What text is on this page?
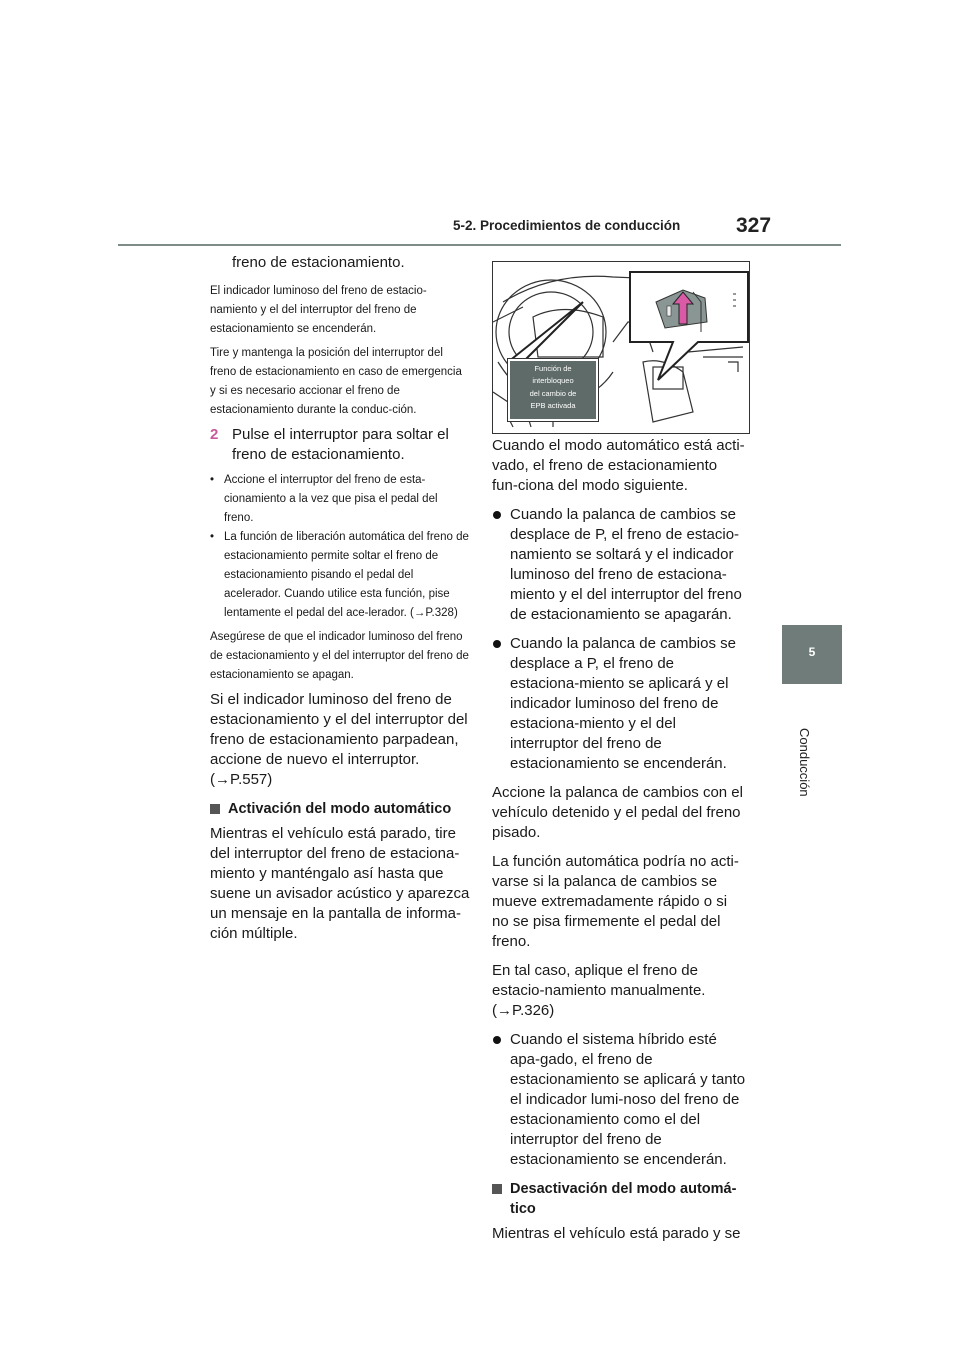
5-2. Procedimientos de conducción	327
5
Conducción

freno de estacionamiento.

El indicador luminoso del freno de estacio-namiento y el del interruptor del freno de estacionamiento se encenderán.

Tire y mantenga la posición del interruptor del freno de estacionamiento en caso de emergencia y si es necesario accionar el freno de estacionamiento durante la conduc-ción.

2 Pulse el interruptor para soltar el freno de estacionamiento.
• Accione el interruptor del freno de esta-cionamiento a la vez que pisa el pedal del freno.
• La función de liberación automática del freno de estacionamiento permite soltar el freno de estacionamiento pisando el pedal del acelerador. Cuando utilice esta función, pise lentamente el pedal del ace-lerador. (→P.328)

Asegúrese de que el indicador luminoso del freno de estacionamiento y el del interruptor del freno de estacionamiento se apagan.

Si el indicador luminoso del freno de estacionamiento y el del interruptor del freno de estacionamiento parpadean, accione de nuevo el interruptor. (→P.557)

Activación del modo automático

Mientras el vehículo está parado, tire del interruptor del freno de estaciona-miento y manténgalo así hasta que suene un avisador acústico y aparezca un mensaje en la pantalla de informa-ción múltiple.

Función de
interbloqueo
del cambio de
EPB activada

Cuando el modo automático está acti-vado, el freno de estacionamiento fun-ciona del modo siguiente.

Cuando la palanca de cambios se desplace de P, el freno de estacio-namiento se soltará y el indicador luminoso del freno de estaciona-miento y el del interruptor del freno de estacionamiento se apagarán.
Cuando la palanca de cambios se desplace a P, el freno de estaciona-miento se aplicará y el indicador luminoso del freno de estaciona-miento y el del interruptor del freno de estacionamiento se encenderán.

Accione la palanca de cambios con el vehículo detenido y el pedal del freno pisado.

La función automática podría no acti-varse si la palanca de cambios se mueve extremadamente rápido o si no se pisa firmemente el pedal del freno.

En tal caso, aplique el freno de estacio-namiento manualmente. (→P.326)

Cuando el sistema híbrido esté apa-gado, el freno de estacionamiento se aplicará y tanto el indicador lumi-noso del freno de estacionamiento como el del interruptor del freno de estacionamiento se encenderán.
Desactivación del modo automá-tico

Mientras el vehículo está parado y se
